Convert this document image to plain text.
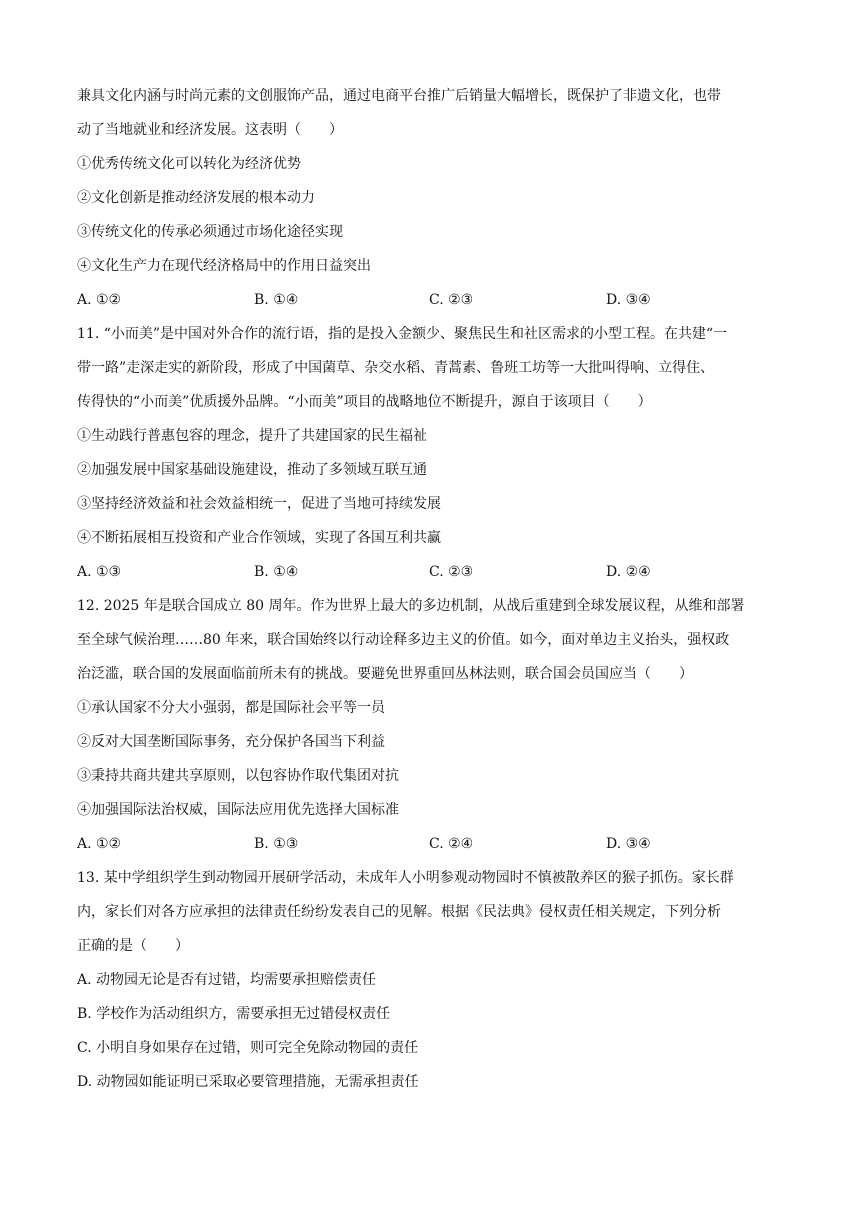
兼具文化内涵与时尚元素的文创服饰产品，通过电商平台推广后销量大幅增长，既保护了非遗文化，也带
动了当地就业和经济发展。这表明（　　）
①优秀传统文化可以转化为经济优势
②文化创新是推动经济发展的根本动力
③传统文化的传承必须通过市场化途径实现
④文化生产力在现代经济格局中的作用日益突出
A. ①②	B. ①④	C. ②③	D. ③④
11. “小而美”是中国对外合作的流行语，指的是投入金额少、聚焦民生和社区需求的小型工程。在共建“一
带一路”走深走实的新阶段，形成了中国菌草、杂交水稻、青蒿素、鲁班工坊等一大批叫得响、立得住、
传得快的“小而美”优质援外品牌。“小而美”项目的战略地位不断提升，源自于该项目（　　）
①生动践行普惠包容的理念，提升了共建国家的民生福祉
②加强发展中国家基础设施建设，推动了多领域互联互通
③坚持经济效益和社会效益相统一，促进了当地可持续发展
④不断拓展相互投资和产业合作领域，实现了各国互利共赢
A. ①③	B. ①④	C. ②③	D. ②④
12. 2025 年是联合国成立 80 周年。作为世界上最大的多边机制，从战后重建到全球发展议程，从维和部署
至全球气候治理……80 年来，联合国始终以行动诠释多边主义的价值。如今，面对单边主义抬头，强权政
治泛滥，联合国的发展面临前所未有的挑战。要避免世界重回丛林法则，联合国会员国应当（　　）
①承认国家不分大小强弱，都是国际社会平等一员
②反对大国垄断国际事务，充分保护各国当下利益
③秉持共商共建共享原则，以包容协作取代集团对抗
④加强国际法治权威，国际法应用优先选择大国标准
A. ①②	B. ①③	C. ②④	D. ③④
13. 某中学组织学生到动物园开展研学活动，未成年人小明参观动物园时不慎被散养区的猴子抓伤。家长群
内，家长们对各方应承担的法律责任纷纷发表自己的见解。根据《民法典》侵权责任相关规定，下列分析
正确的是（　　）
A. 动物园无论是否有过错，均需要承担赔偿责任
B. 学校作为活动组织方，需要承担无过错侵权责任
C. 小明自身如果存在过错，则可完全免除动物园的责任
D. 动物园如能证明已采取必要管理措施，无需承担责任
